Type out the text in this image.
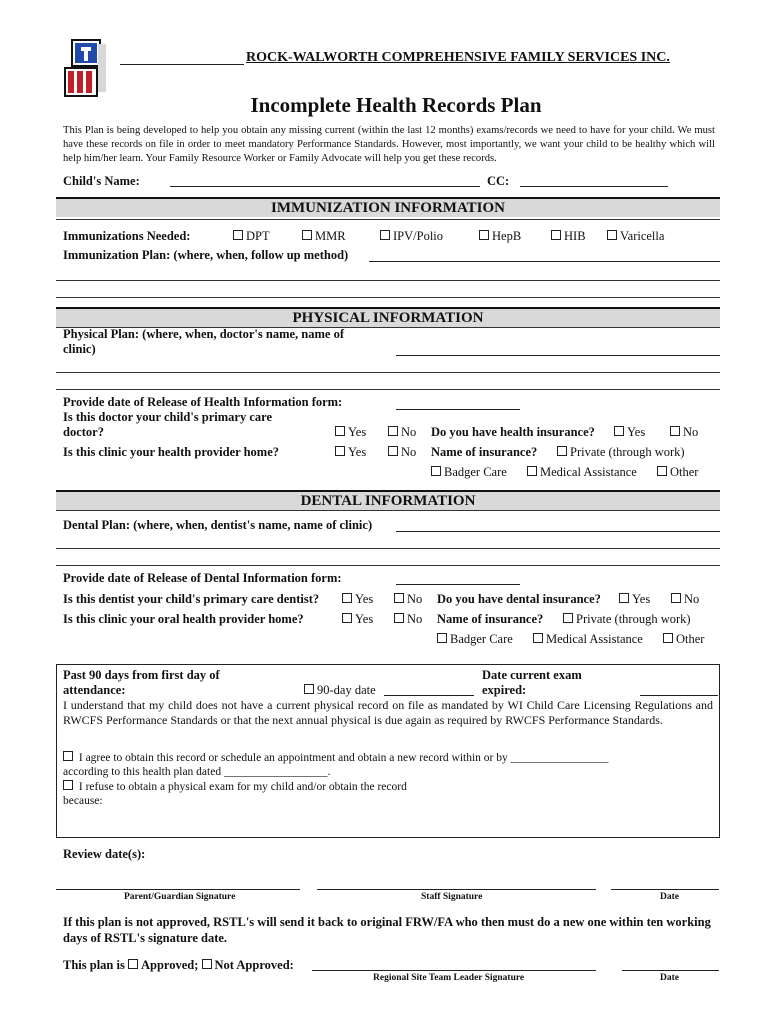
ROCK-WALWORTH COMPREHENSIVE FAMILY SERVICES INC.
Incomplete Health Records Plan
This Plan is being developed to help you obtain any missing current (within the last 12 months) exams/records we need to have for your child. We must have these records on file in order to meet mandatory Performance Standards. However, most importantly, we want your child to be healthy which will help him/her learn. Your Family Resource Worker or Family Advocate will help you get these records.
Child's Name:	CC:
IMMUNIZATION INFORMATION
Immunizations Needed:	DPT	MMR	IPV/Polio	HepB	HIB	Varicella
Immunization Plan: (where, when, follow up method)
PHYSICAL INFORMATION
Physical Plan: (where, when, doctor's name, name of
clinic)
Provide date of Release of Health Information form:
Is this doctor your child's primary care
doctor?	Yes	No Do you have health insurance?	Yes	No
Is this clinic your health provider home?	Yes	No Name of insurance?	Private (through work)
Badger Care	Medical Assistance	Other
DENTAL INFORMATION
Dental Plan: (where, when, dentist's name, name of clinic)
Provide date of Release of Dental Information form:
Is this dentist your child's primary care dentist?	Yes	No Do you have dental insurance?	Yes	No
Is this clinic your oral health provider home?	Yes	No Name of insurance?	Private (through work)
Badger Care	Medical Assistance	Other
Past 90 days from first day of
attendance:	90-day date
Date current exam
expired:
I understand that my child does not have a current physical record on file as mandated by WI Child Care Licensing Regulations and RWCFS Performance Standards or that the next annual physical is due again as required by RWCFS Performance Standards.
I agree to obtain this record or schedule an appointment and obtain a new record within or by _________________
according to this health plan dated __________________.
I refuse to obtain a physical exam for my child and/or obtain the record
because:
Review date(s):
Parent/Guardian Signature	Staff Signature	Date
If this plan is not approved, RSTL's will send it back to original FRW/FA who then must do a new one within ten working days of RSTL's signature date.
This plan is Approved; Not Approved:
Regional Site Team Leader Signature	Date
